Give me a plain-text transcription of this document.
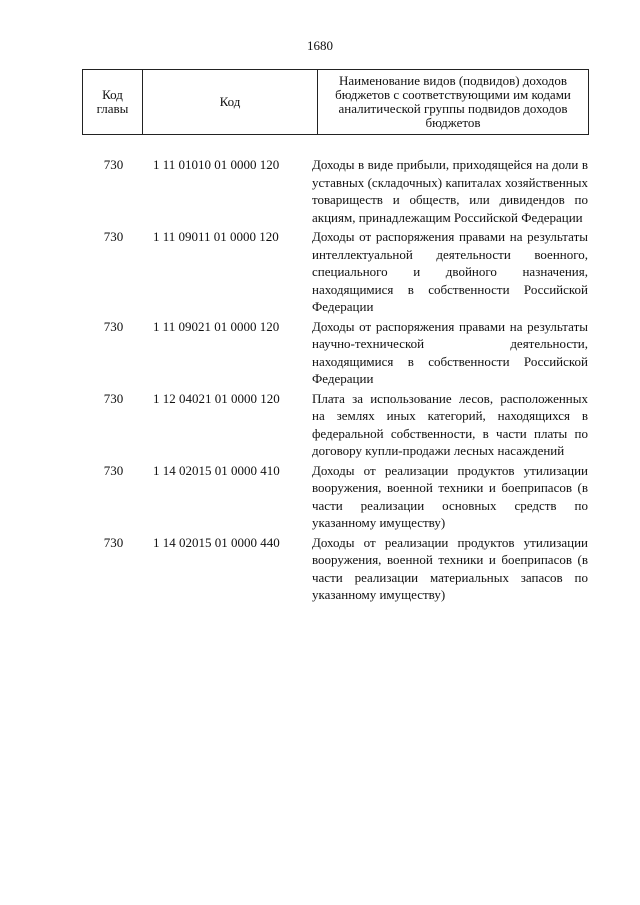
1680
Код главы	Код	Наименование видов (подвидов) доходов бюджетов с соответствующими им кодами аналитической группы подвидов доходов бюджетов
730	1 11 01010 01 0000 120	Доходы в виде прибыли, приходящейся на доли в уставных (складочных) капиталах хозяйственных товариществ и обществ, или дивидендов по акциям, принадлежащим Российской Федерации
730	1 11 09011 01 0000 120	Доходы от распоряжения правами на результаты интеллектуальной деятельности военного, специального и двойного назначения, находящимися в собственности Российской Федерации
730	1 11 09021 01 0000 120	Доходы от распоряжения правами на результаты научно-технической деятельности, находящимися в собственности Российской Федерации
730	1 12 04021 01 0000 120	Плата за использование лесов, расположенных на землях иных категорий, находящихся в федеральной собственности, в части платы по договору купли-продажи лесных насаждений
730	1 14 02015 01 0000 410	Доходы от реализации продуктов утилизации вооружения, военной техники и боеприпасов (в части реализации основных средств по указанному имуществу)
730	1 14 02015 01 0000 440	Доходы от реализации продуктов утилизации вооружения, военной техники и боеприпасов (в части реализации материальных запасов по указанному имуществу)
